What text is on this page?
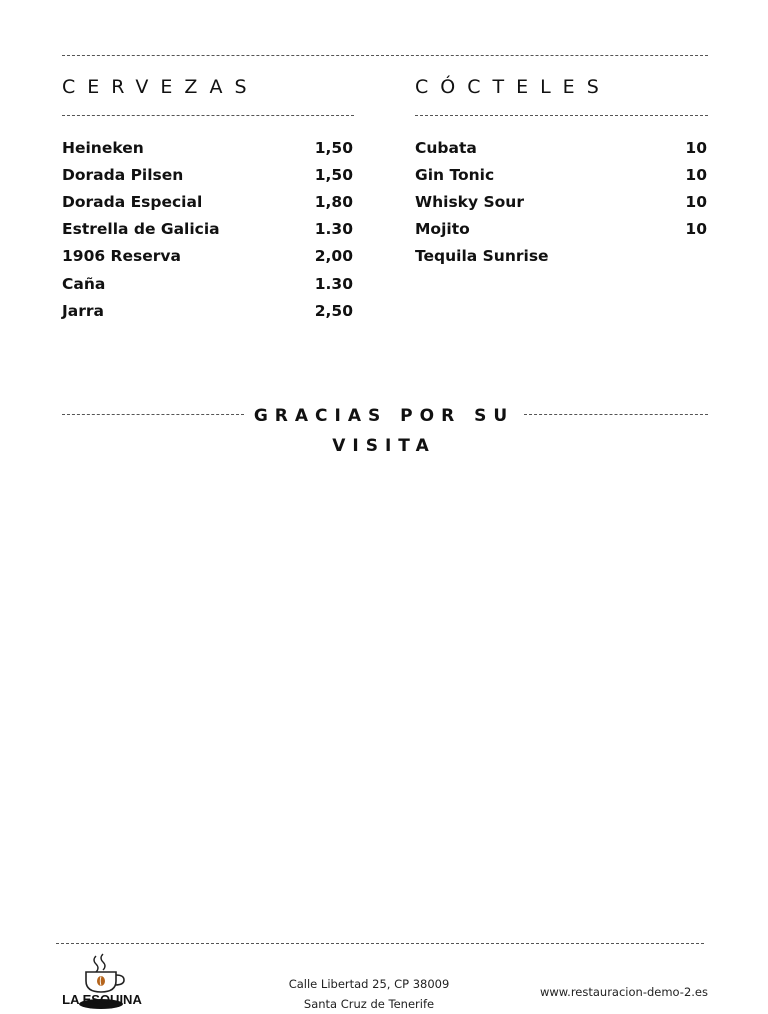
CERVEZAS
Heineken	1,50
Dorada Pilsen	1,50
Dorada Especial	1,80
Estrella de Galicia	1.30
1906 Reserva	2,00
Caña	1.30
Jarra	2,50
CÓCTELES
Cubata	10
Gin Tonic	10
Whisky Sour	10
Mojito	10
Tequila Sunrise

GRACIAS POR SU
VISITA

LA ESQUINA
Calle Libertad 25, CP 38009
Santa Cruz de Tenerife
www.restauracion-demo-2.es
